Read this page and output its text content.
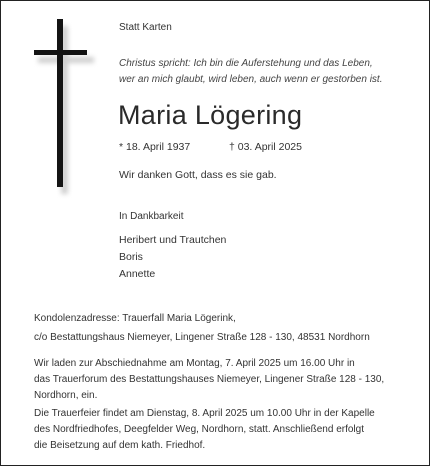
Statt Karten
Christus spricht: Ich bin die Auferstehung und das Leben,
wer an mich glaubt, wird leben, auch wenn er gestorben ist.
Maria Lögering
* 18. April 1937	† 03. April 2025
Wir danken Gott, dass es sie gab.
In Dankbarkeit
Heribert und Trautchen
Boris
Annette
Kondolenzadresse: Trauerfall Maria Lögerink,
c/o Bestattungshaus Niemeyer, Lingener Straße 128 - 130, 48531 Nordhorn
Wir laden zur Abschiednahme am Montag, 7. April 2025 um 16.00 Uhr in
das Trauerforum des Bestattungshauses Niemeyer, Lingener Straße 128 - 130,
Nordhorn, ein.
Die Trauerfeier findet am Dienstag, 8. April 2025 um 10.00 Uhr in der Kapelle
des Nordfriedhofes, Deegfelder Weg, Nordhorn, statt. Anschließend erfolgt
die Beisetzung auf dem kath. Friedhof.
